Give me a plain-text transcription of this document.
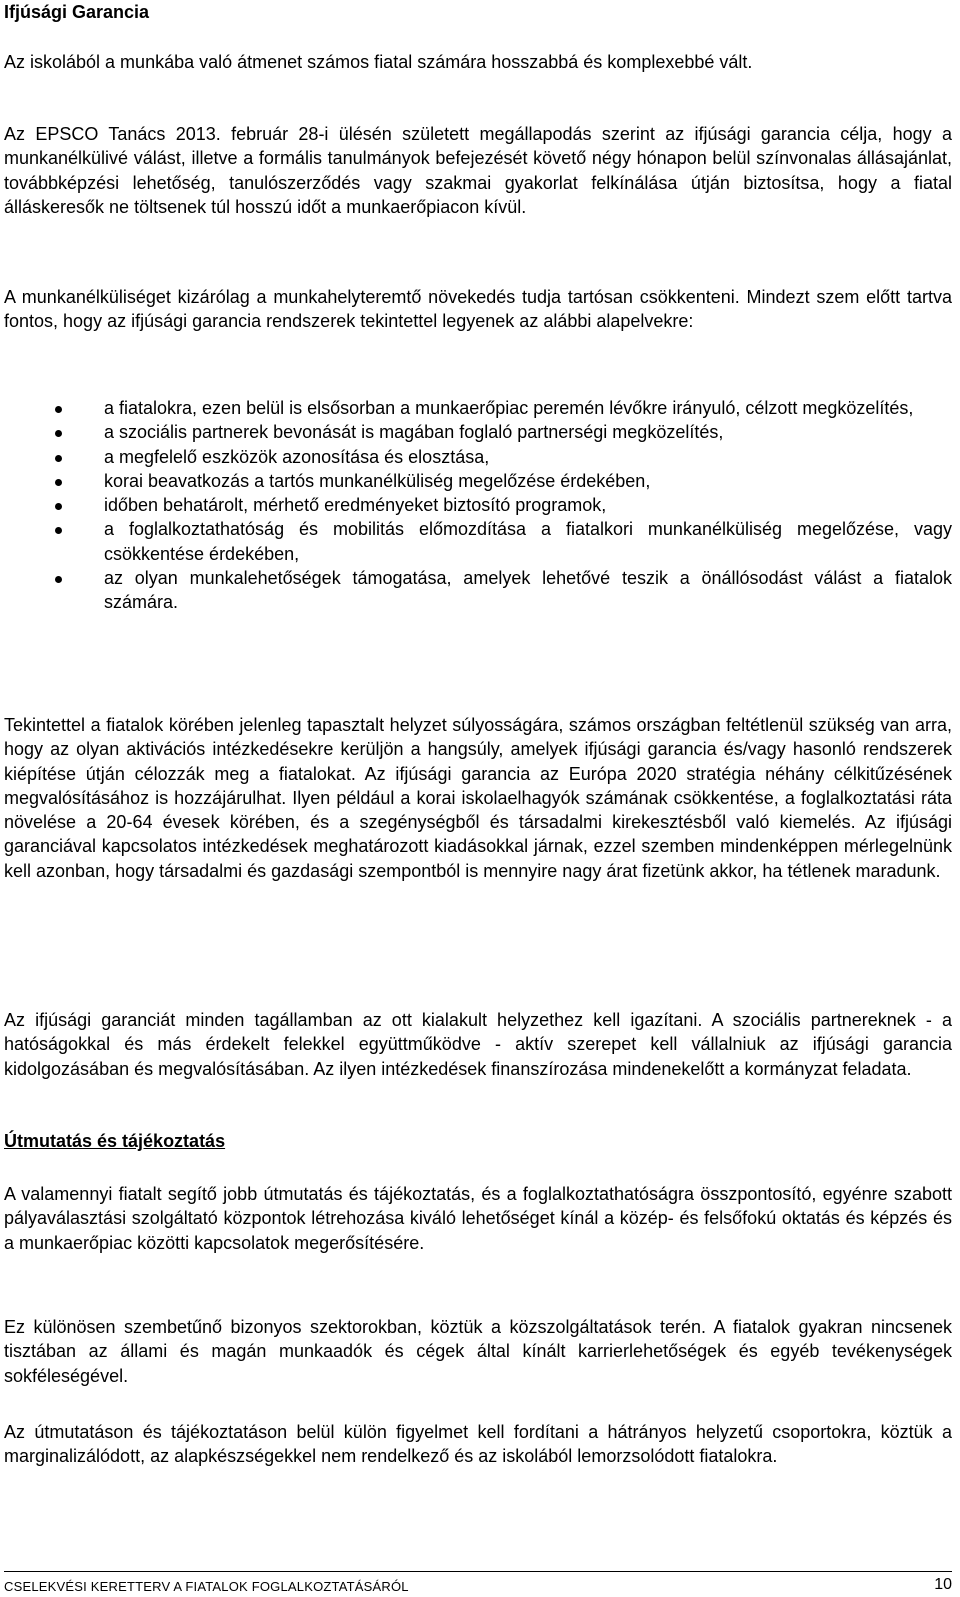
Ifjúsági Garancia

Az iskolából a munkába való átmenet számos fiatal számára hosszabbá és komplexebbé vált.

Az EPSCO Tanács 2013. február 28-i ülésén született megállapodás szerint az ifjúsági garancia célja, hogy a munkanélkülivé válást, illetve a formális tanulmányok befejezését követő négy hónapon belül színvonalas állásajánlat, továbbképzési lehetőség, tanulószerződés vagy szakmai gyakorlat felkínálása útján biztosítsa, hogy a fiatal álláskeresők ne töltsenek túl hosszú időt a munkaerőpiacon kívül.

A munkanélküliséget kizárólag a munkahelyteremtő növekedés tudja tartósan csökkenteni. Mindezt szem előtt tartva fontos, hogy az ifjúsági garancia rendszerek tekintettel legyenek az alábbi alapelvekre:

a fiatalokra, ezen belül is elsősorban a munkaerőpiac peremén lévőkre irányuló, célzott megközelítés,
a szociális partnerek bevonását is magában foglaló partnerségi megközelítés,
a megfelelő eszközök azonosítása és elosztása,
korai beavatkozás a tartós munkanélküliség megelőzése érdekében,
időben behatárolt, mérhető eredményeket biztosító programok,
a foglalkoztathatóság és mobilitás előmozdítása a fiatalkori munkanélküliség megelőzése, vagy csökkentése érdekében,
az olyan munkalehetőségek támogatása, amelyek lehetővé teszik a önállósodást válást a fiatalok számára.

Tekintettel a fiatalok körében jelenleg tapasztalt helyzet súlyosságára, számos országban feltétlenül szükség van arra, hogy az olyan aktivációs intézkedésekre kerüljön a hangsúly, amelyek ifjúsági garancia és/vagy hasonló rendszerek kiépítése útján célozzák meg a fiatalokat. Az ifjúsági garancia az Európa 2020 stratégia néhány célkitűzésének megvalósításához is hozzájárulhat. Ilyen például a korai iskolaelhagyók számának csökkentése, a foglalkoztatási ráta növelése a 20-64 évesek körében, és a szegénységből és társadalmi kirekesztésből való kiemelés. Az ifjúsági garanciával kapcsolatos intézkedések meghatározott kiadásokkal járnak, ezzel szemben mindenképpen mérlegelnünk kell azonban, hogy társadalmi és gazdasági szempontból is mennyire nagy árat fizetünk akkor, ha tétlenek maradunk.

Az ifjúsági garanciát minden tagállamban az ott kialakult helyzethez kell igazítani. A szociális partnereknek - a hatóságokkal és más érdekelt felekkel együttműködve - aktív szerepet kell vállalniuk az ifjúsági garancia kidolgozásában és megvalósításában. Az ilyen intézkedések finanszírozása mindenekelőtt a kormányzat feladata.

Útmutatás és tájékoztatás

A valamennyi fiatalt segítő jobb útmutatás és tájékoztatás, és a foglalkoztathatóságra összpontosító, egyénre szabott pályaválasztási szolgáltató központok létrehozása kiváló lehetőséget kínál a közép- és felsőfokú oktatás és képzés és a munkaerőpiac közötti kapcsolatok megerősítésére.

Ez különösen szembetűnő bizonyos szektorokban, köztük a közszolgáltatások terén. A fiatalok gyakran nincsenek tisztában az állami és magán munkaadók és cégek által kínált karrierlehetőségek és egyéb tevékenységek sokféleségével.

Az útmutatáson és tájékoztatáson belül külön figyelmet kell fordítani a hátrányos helyzetű csoportokra, köztük a marginalizálódott, az alapkészségekkel nem rendelkező és az iskolából lemorzsolódott fiatalokra.

CSELEKVÉSI KERETTERV A FIATALOK FOGLALKOZTATÁSÁRÓL	10
